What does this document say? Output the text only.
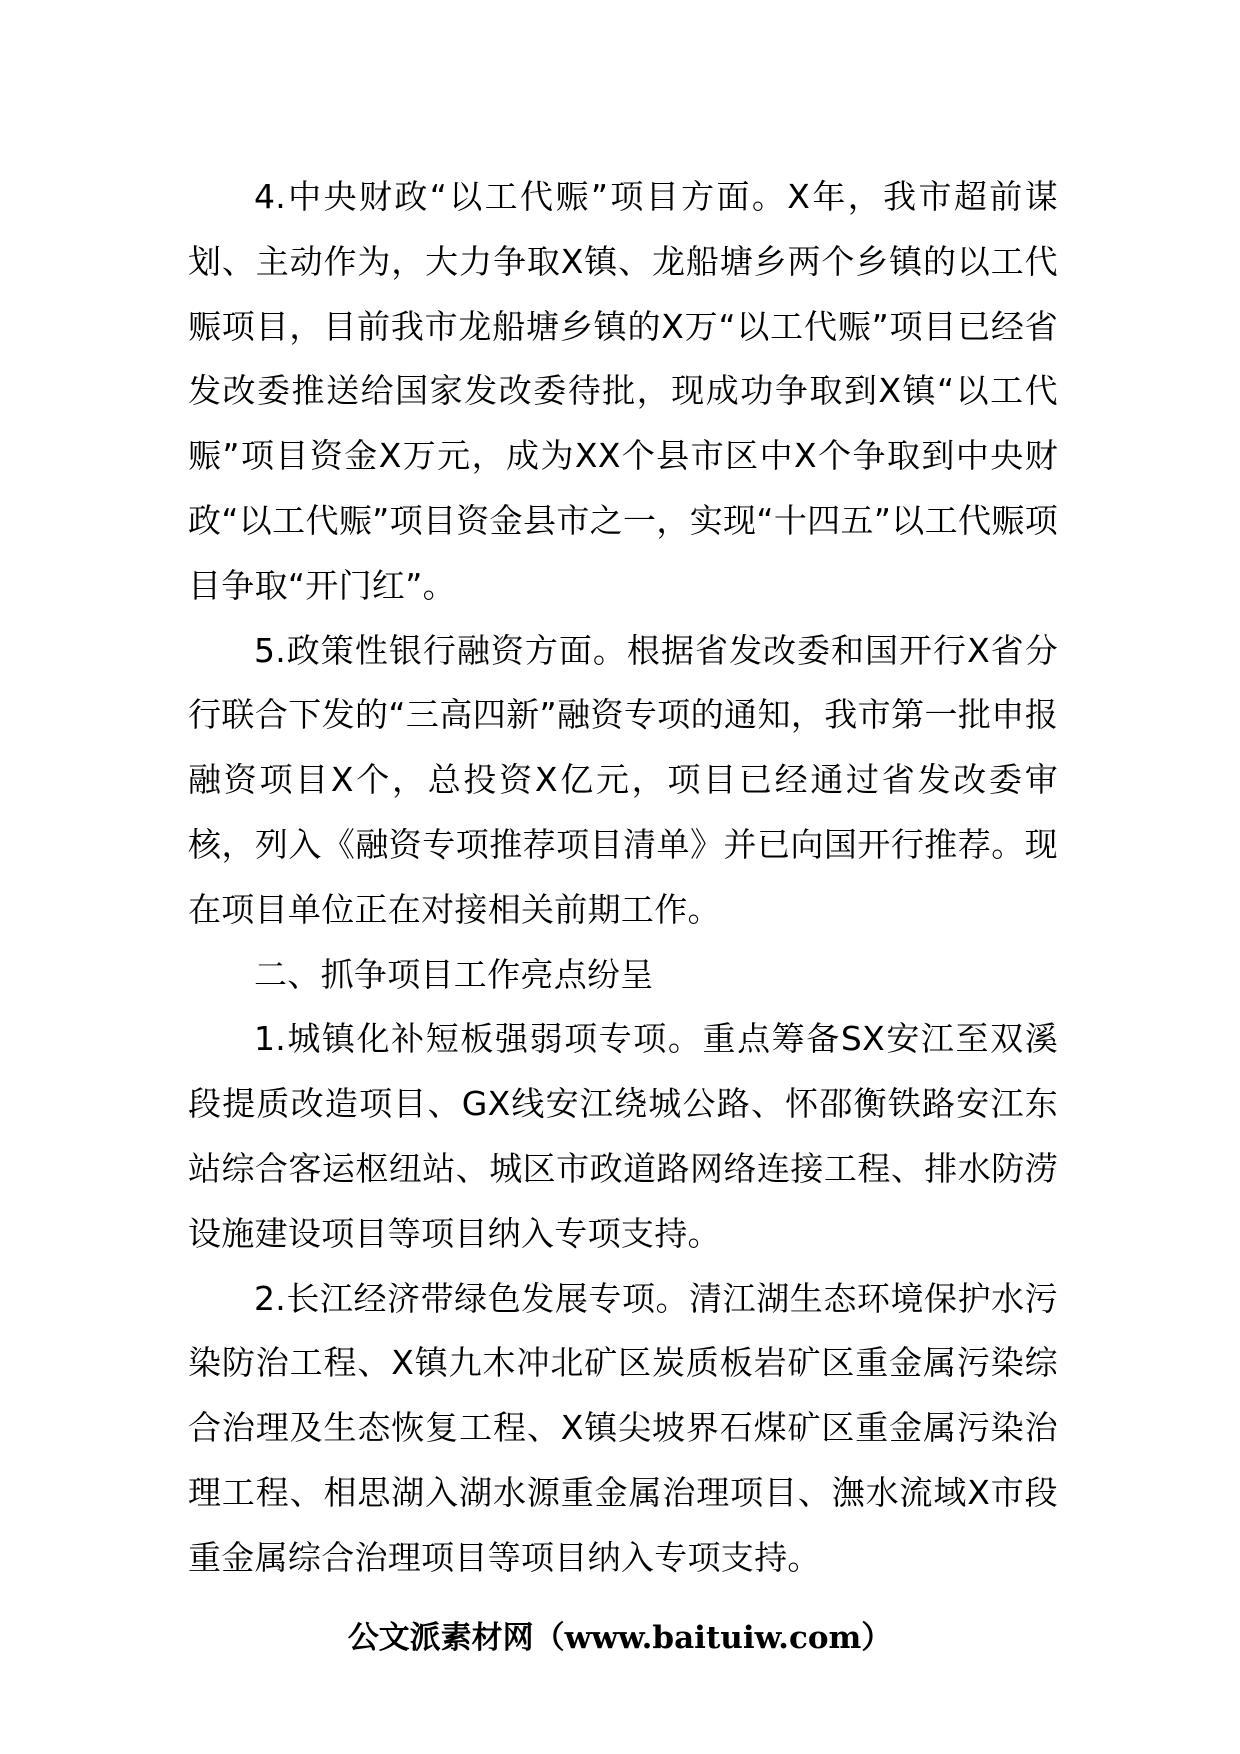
4.中央财政“以工代赈”项目方面。X年，我市超前谋划、主动作为，大力争取X镇、龙船塘乡两个乡镇的以工代赈项目，目前我市龙船塘乡镇的X万“以工代赈”项目已经省发改委推送给国家发改委待批，现成功争取到X镇“以工代赈”项目资金X万元，成为XX个县市区中X个争取到中央财政“以工代赈”项目资金县市之一，实现“十四五”以工代赈项目争取“开门红”。

5.政策性银行融资方面。根据省发改委和国开行X省分行联合下发的“三高四新”融资专项的通知，我市第一批申报融资项目X个，总投资X亿元，项目已经通过省发改委审核，列入《融资专项推荐项目清单》并已向国开行推荐。现在项目单位正在对接相关前期工作。

二、抓争项目工作亮点纷呈

1.城镇化补短板强弱项专项。重点筹备SX安江至双溪段提质改造项目、GX线安江绕城公路、怀邵衡铁路安江东站综合客运枢纽站、城区市政道路网络连接工程、排水防涝设施建设项目等项目纳入专项支持。

2.长江经济带绿色发展专项。清江湖生态环境保护水污染防治工程、X镇九木冲北矿区炭质板岩矿区重金属污染综合治理及生态恢复工程、X镇尖坡界石煤矿区重金属污染治理工程、相思湖入湖水源重金属治理项目、潕水流域X市段重金属综合治理项目等项目纳入专项支持。

公文派素材网（www.baituiw.com）
